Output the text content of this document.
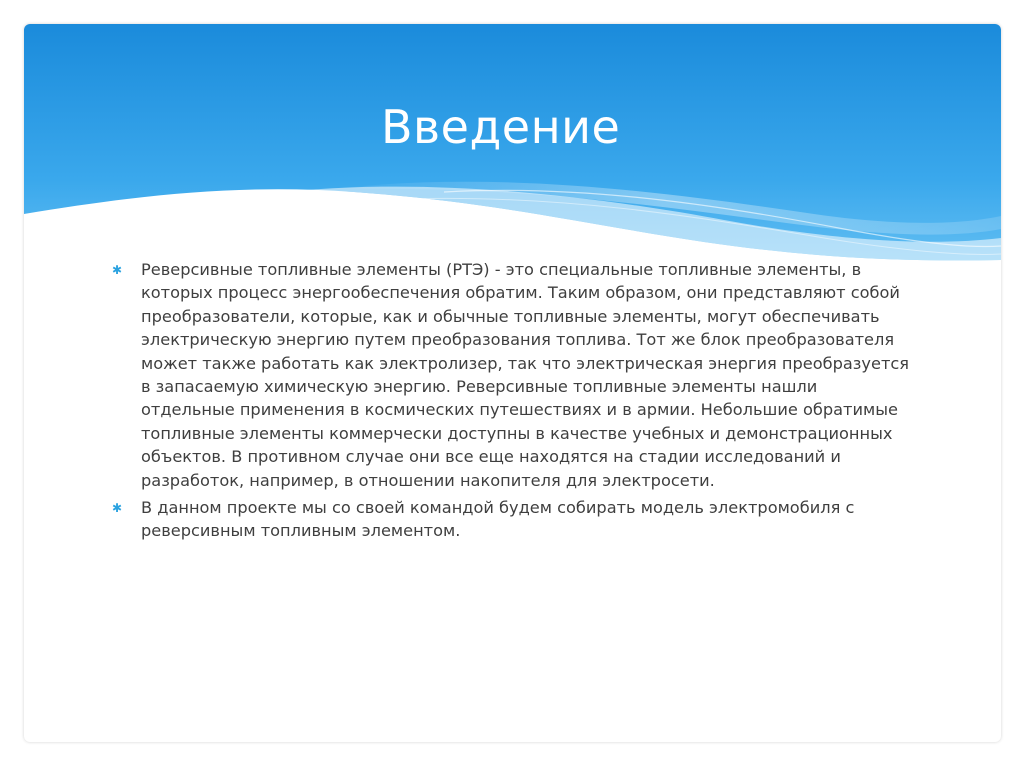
Введение
✱ Реверсивные топливные элементы (РТЭ) - это специальные топливные элементы, в которых процесс энергообеспечения обратим. Таким образом, они представляют собой преобразователи, которые, как и обычные топливные элементы, могут обеспечивать электрическую энергию путем преобразования топлива. Тот же блок преобразователя может также работать как электролизер, так что электрическая энергия преобразуется в запасаемую химическую энергию. Реверсивные топливные элементы нашли отдельные применения в космических путешествиях и в армии. Небольшие обратимые топливные элементы коммерчески доступны в качестве учебных и демонстрационных объектов. В противном случае они все еще находятся на стадии исследований и разработок, например, в отношении накопителя для электросети.
✱ В данном проекте мы со своей командой будем собирать модель электромобиля с реверсивным топливным элементом.
